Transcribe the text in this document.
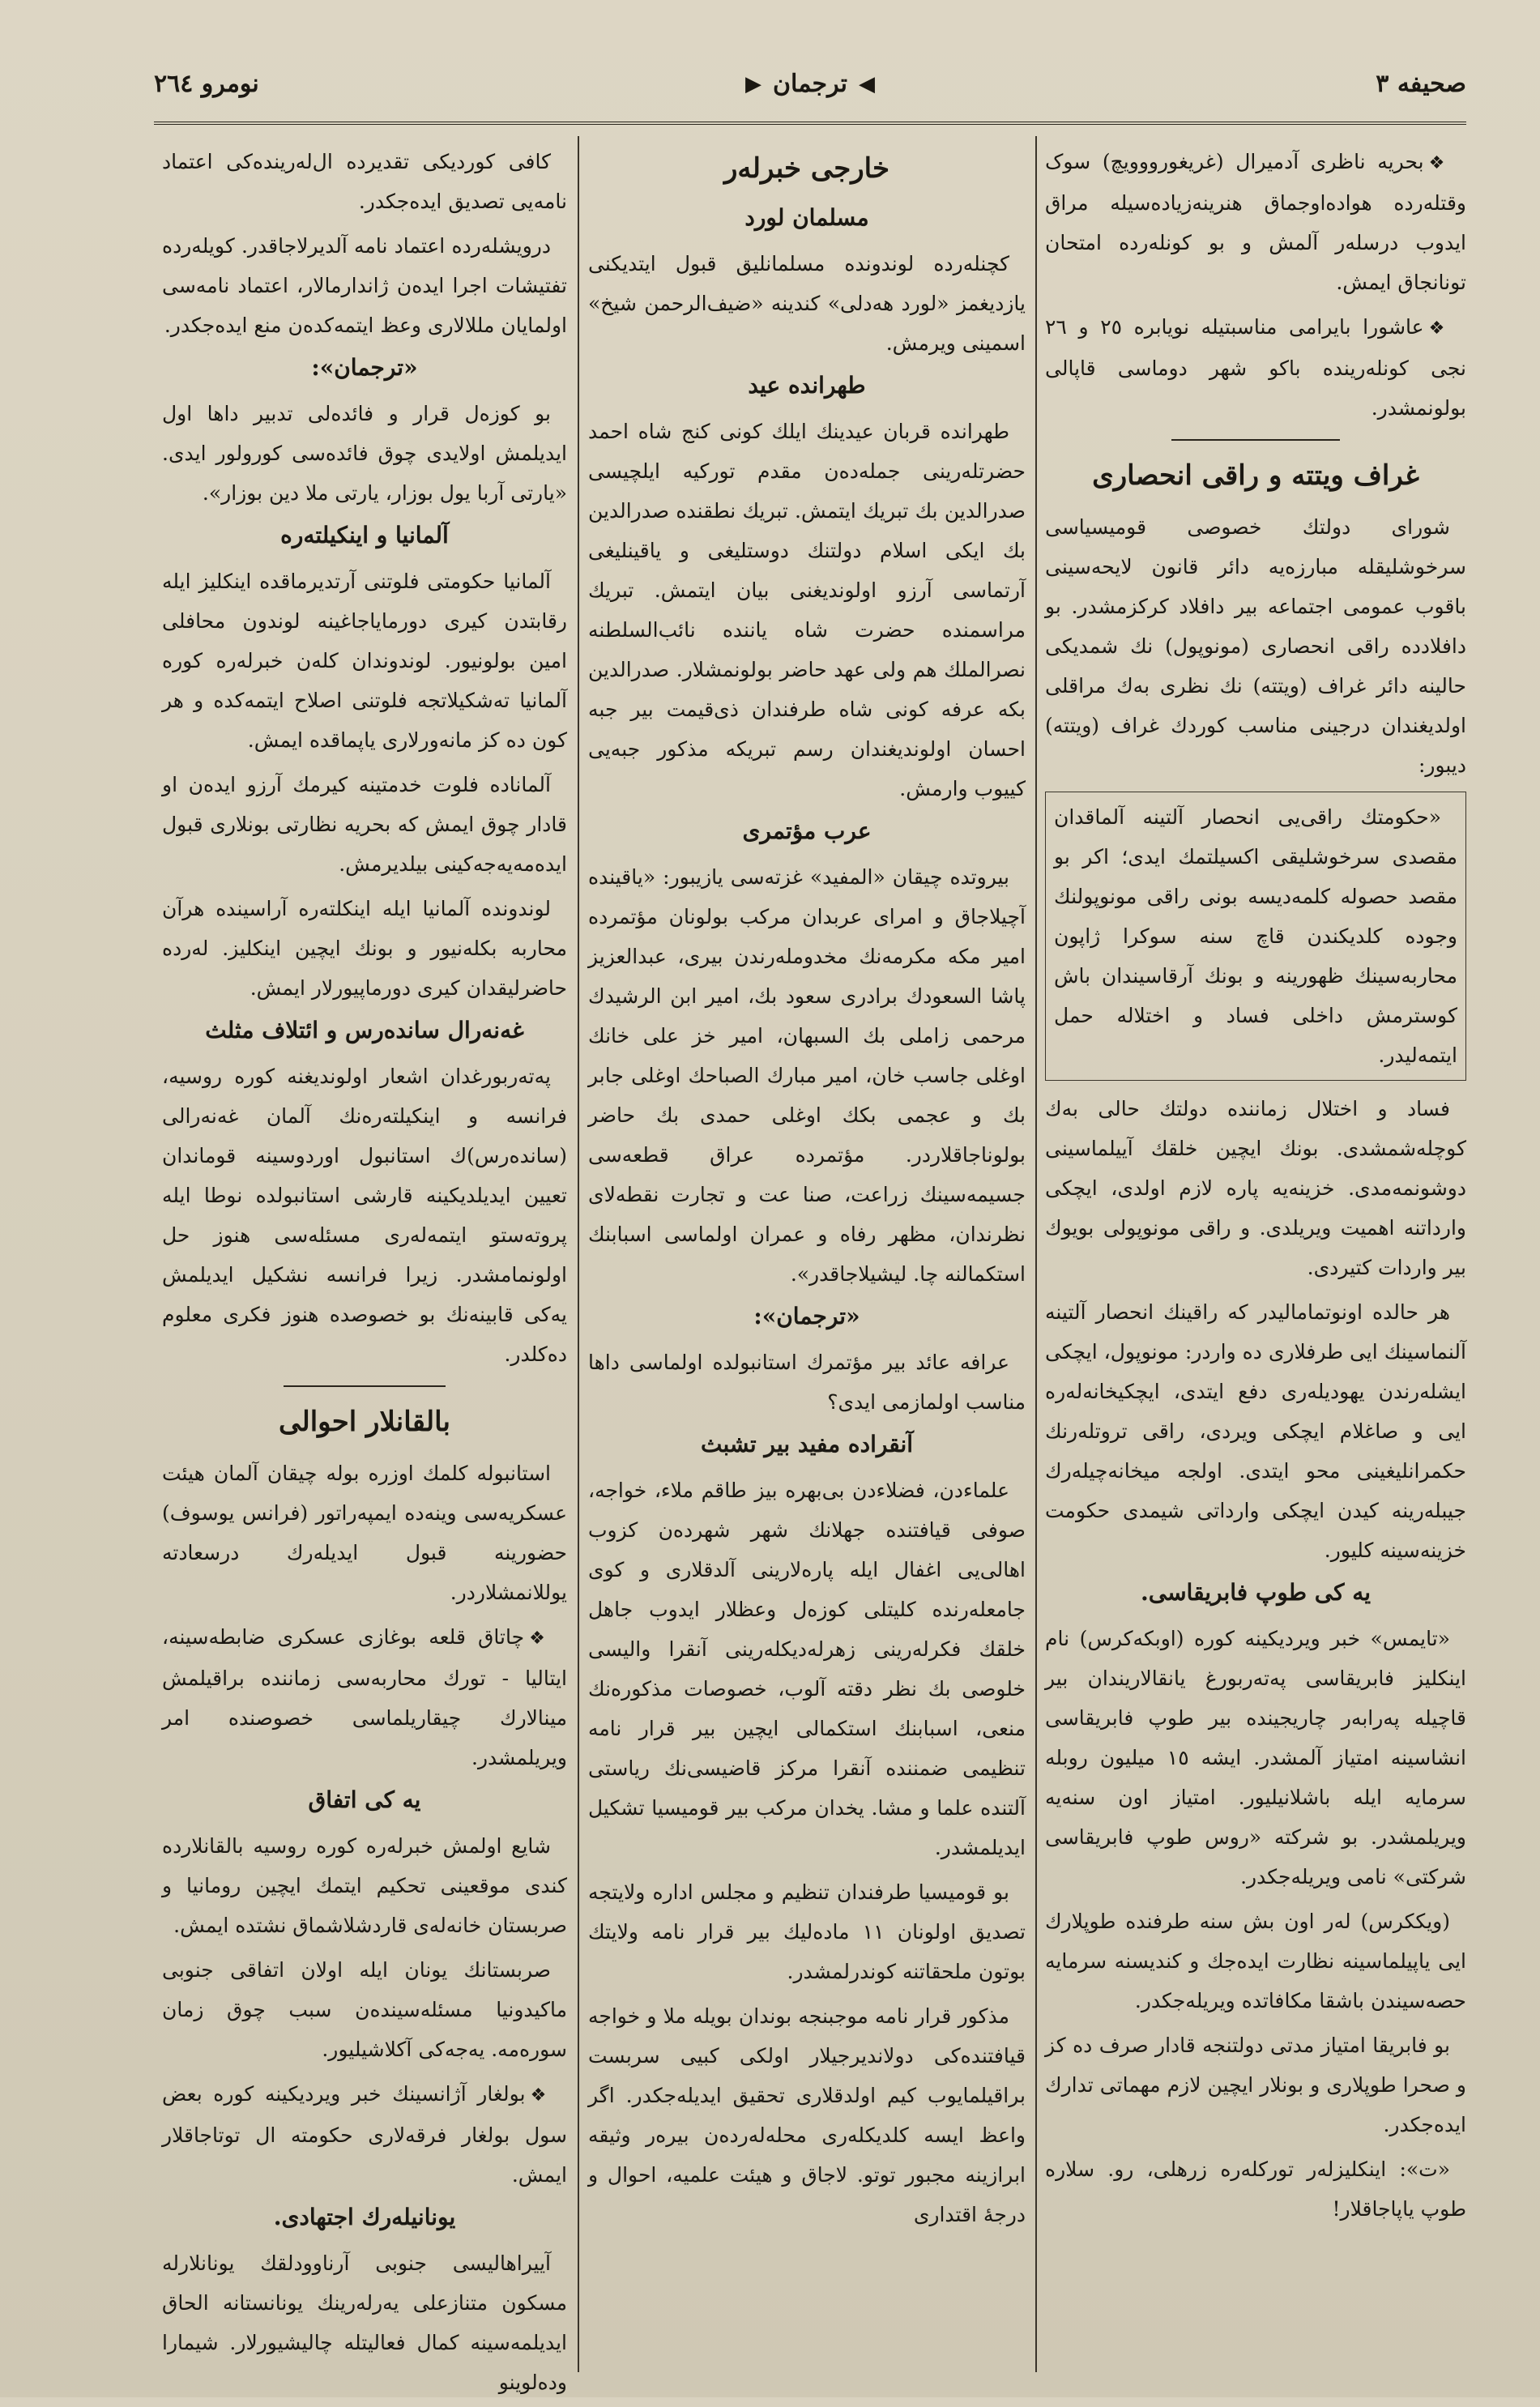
صحیفه ۳
◀
ترجمان
▶
نومرو ٢٦٤

❖بحریه ناظری آدمیرال (غریغورووویچ) سوک وقتلەرده هواده‌اوجماق هنرینەزیادەسیله مراق ایدوب درسلەر آلمش و بو کونلەرده امتحان تونانجاق ایمش.

❖عاشورا بایرامی مناسبتیله نویابره ٢٥ و ٢٦ نجی کونلەرینده باکو شهر دوماسی قاپالی بولونمشدر.

غراف ویتته و راقی انحصاری

شورای دولتك خصوصی قومیسیاسی سرخوشلیقله مبارزەیه دائر قانون لایحەسینی باقوب عمومی اجتماعه بیر دافلاد کرکزمشدر. بو دافلادده راقی انحصاری (مونوپول) نك شمدیکی حالینه دائر غراف (ویتته) نك نظری بەك مراقلی اولدیغندان درجینی مناسب کوردك غراف (ویتته) دیبور:

«حکومتك راقی‌یی انحصار آلتینه آلماقدان مقصدی سرخوشلیقی اکسیلتمك ایدی؛ اکر بو مقصد حصوله کلمەدیسه بونی راقی مونوپولنك وجوده کلدیکندن قاچ سنه سوکرا ژاپون محاربەسینك ظهورینه و بونك آرقاسیندان باش کوسترمش داخلی فساد و اختلاله حمل ایتمەلیدر.

فساد و اختلال زماننده دولتك حالی بەك کوچلەشمشدی. بونك ایچین خلقك آییلماسینی دوشونمەمدی. خزینەیه پاره لازم اولدی، ایچکی وارداتنه اهمیت ویریلدی. و راقی مونوپولی بویوك بیر واردات کتیردی.

هر حالده اونوتمامالیدر که راقینك انحصار آلتینه آلنماسینك ایی طرفلاری ده واردر: مونوپول، ایچکی ایشلەرندن یهودیلەری دفع ایتدی، ایچکیخانەلەره ایی و صاغلام ایچکی ویردی، راقی تروتلەرنك حکمرانلیغینی محو ایتدی. اولجه میخانەچیلەرك جیبلەرینه کیدن ایچکی وارداتی شیمدی حکومت خزینەسینه کلیور.

یه کی طوپ فابریقاسی.

«تایمس» خبر ویردیکینه کوره (اوبکه‌کرس) نام اینکلیز فابریقاسی پەتەربورغ یانقالاریندان بیر قاچیله پەرابەر چاریجینده بیر طوپ فابریقاسی انشاسینه امتیاز آلمشدر. ایشه ١٥ میلیون روبله سرمایه ایله باشلانیلیور. امتیاز اون سنه‌یه ویریلمشدر. بو شرکته «روس طوپ فابریقاسی شرکتی» نامی ویریلەجکدر.

(ویککرس) لەر اون بش سنه طرفنده طوپلارك ایی یاپیلماسینه نظارت ایدەجك و کندیسنه سرمایه حصەسیندن باشقا مکافاتده ویریلەجکدر.

بو فابریقا امتیاز مدتی دولتنجه قادار صرف ده کز و صحرا طوپلاری و بونلار ایچین لازم مهماتی تدارك ایدەجکدر.

«ت»: اینکلیزلەر تورکلەره زرهلی، رو. سلاره طوپ یاپاجاقلار!

خارجی خبرلەر
مسلمان لورد

کچنلەرده لوندونده مسلمانلیق قبول ایتدیکنی یازدیغمز «لورد هەدلی» کندینه «ضیف‌الرحمن شیخ» اسمینی ویرمش.

طهرانده عید

طهرانده قربان عیدینك ایلك کونی کنج شاه احمد حضرتلەرینی جملەدەن مقدم تورکیه ایلچیسی صدرالدین بك تبریك ایتمش. تبریك نطقنده صدرالدین بك ایکی اسلام دولتنك دوستلیغی و یاقینلیغی آرتماسی آرزو اولوندیغنی بیان ایتمش. تبریك مراسمنده حضرت شاه یاننده نائب‌السلطنه نصرالملك هم ولی عهد حاضر بولونمشلار. صدرالدین بکه عرفه کونی شاه طرفندان ذی‌قیمت بیر جبه احسان اولوندیغندان رسم تبریکه مذکور جبەیی کییوب وارمش.

عرب مؤتمری

بیروتده چیقان «المفید» غزتەسی یازیبور: «یاقینده آچیلاجاق و امرای عربدان مرکب بولونان مؤتمرده امیر مکه مکرمەنك مخدوملەرندن بیری، عبدالعزیز پاشا السعودك برادری سعود بك، امیر ابن الرشیدك مرحمی زاملی بك السبهان، امیر خز علی خانك اوغلی جاسب خان، امیر مبارك الصباحك اوغلی جابر بك و عجمی بکك اوغلی حمدی بك حاضر بولوناجاقلاردر. مؤتمرده عراق قطعەسی جسیمەسینك زراعت، صنا عت و تجارت نقطه‌لای نظرندان، مظهر رفاه و عمران اولماسی اسبابنك استکمالنه چا. لیشیلاجاقدر».

«ترجمان»:

عرافه عائد بیر مؤتمرك استانبولده اولماسی داها مناسب اولمازمی ایدی؟

آنقراده مفید بیر تشبث

علماءدن، فضلاءدن بی‌بهره بیز طاقم ملاء، خواجه، صوفی قیافتنده جهلانك شهر شهردەن کزوب اهالی‌یی اغفال ایله پارەلارینی آلدقلاری و کوی جامعلەرنده کلیتلی کوزەل وعظلار ایدوب جاهل خلقك فکرلەرینی زهرلەدیکلەرینی آنقرا والیسی خلوصی بك نظر دقته آلوب، خصوصات مذکورەنك منعی، اسبابنك استکمالی ایچین بیر قرار نامه تنظیمی ضمننده آنقرا مرکز قاضیسی‌نك ریاستی آلتنده علما و مشا. یخدان مرکب بیر قومیسیا تشکیل ایدیلمشدر.

بو قومیسیا طرفندان تنظیم و مجلس اداره ولایتجه تصدیق اولونان ١١ مادەلیك بیر قرار نامه ولایتك بوتون ملحقاتنه کوندرلمشدر.

مذکور قرار نامه موجبنجه بوندان بویله ملا و خواجه قیافتنده‌کی دولاندیرجیلار اولکی کبیی سربست براقیلمایوب کیم اولدقلاری تحقیق ایدیلەجکدر. اگر واعظ ایسه کلدیکلەری محلەلەردەن بیرەر وثیقه ابرازینه مجبور توتو. لاجاق و هیئت علمیه، احوال و درجۀ اقتداری

کافی کوردیکی تقدیرده ال‌لەرینده‌کی اعتماد نامەیی تصدیق ایدەجکدر.

درویشلەرده اعتماد نامه آلدیرلاجاقدر. کویلەرده تفتیشات اجرا ایدەن ژاندارمالار، اعتماد نامەسی اولمایان مللالاری وعظ ایتمه‌کدەن منع ایدەجکدر.

«ترجمان»:

بو کوزەل قرار و فائدەلی تدبیر داها اول ایدیلمش اولایدی چوق فائدەسی کورولور ایدی. «یارتی آربا یول بوزار، یارتی ملا دین بوزار».

آلمانیا و اینکیلتەره

آلمانیا حکومتی فلوتنی آرتدیرماقده اینکلیز ایله رقابتدن کیری دورمایاجاغینه لوندون محافلی امین بولونیور. لوندوندان کلەن خبرلەره کوره آلمانیا تەشکیلاتجه فلوتنی اصلاح ایتمه‌کده و هر کون ده کز مانەورلاری یاپماقده ایمش.

آلماناده فلوت خدمتینه کیرمك آرزو ایدەن او قادار چوق ایمش که بحریه نظارتی بونلاری قبول ایدەمەیەجەکینی بیلدیرمش.

لوندونده آلمانیا ایله اینکلتەره آراسینده هرآن محاربه بکلەنیور و بونك ایچین اینکلیز. لەرده حاضرلیقدان کیری دورماپیورلار ایمش.

غەنەرال ساندەرس و ائتلاف مثلث

پەتەربورغدان اشعار اولوندیغنه کوره روسیه، فرانسه و اینکیلتەره‌نك آلمان غەنەرالی (ساندەرس)ك استانبول اوردوسینه قوماندان تعیین ایدیلدیکینه قارشی استانبولده نوطا ایله پروتەستو ایتمەلەری مسئلەسی هنوز حل اولونمامشدر. زیرا فرانسه نشکیل ایدیلمش یەکی قابینەنك بو خصوصده هنوز فکری معلوم دەکلدر.

بالقانلار احوالی

استانبوله کلمك اوزره بوله چیقان آلمان هیئت عسکریەسی وینه‌ده ایمپەراتور (فرانس یوسوف) حضورینه قبول ایدیلەرك درسعادته یوللانمشلاردر.

❖چاتاق قلعه بوغازی عسکری ضابطه‌سینه، ایتالیا - تورك محاربەسی زماننده براقیلمش مینالارك چیقاریلماسی خصوصنده امر ویریلمشدر.

یه کی اتفاق

شایع اولمش خبرلەره کوره روسیه بالقانلارده کندی موقعینی تحکیم ایتمك ایچین رومانیا و صربستان خانەلەی قاردشلاشماق نشتده ایمش.

صربستانك یونان ایله اولان اتفاقی جنوبی ماکیدونیا مسئلەسیندەن سبب چوق زمان سورەمه. یەجەکی آکلاشیلیور.

❖بولغار آژانسینك خبر ویردیکینه کوره بعض سول بولغار فرقەلاری حکومته ال توتاجاقلار ایمش.

یونانیلەرك اجتهادی.

آییراهالیسی جنوبی آرناوودلقك یونانلارله مسکون متنازعلی یەرلەرینك یونانستانه الحاق ایدیلمەسینه کمال فعالیتله چالیشیورلار. شیمارا ودەلوینو
